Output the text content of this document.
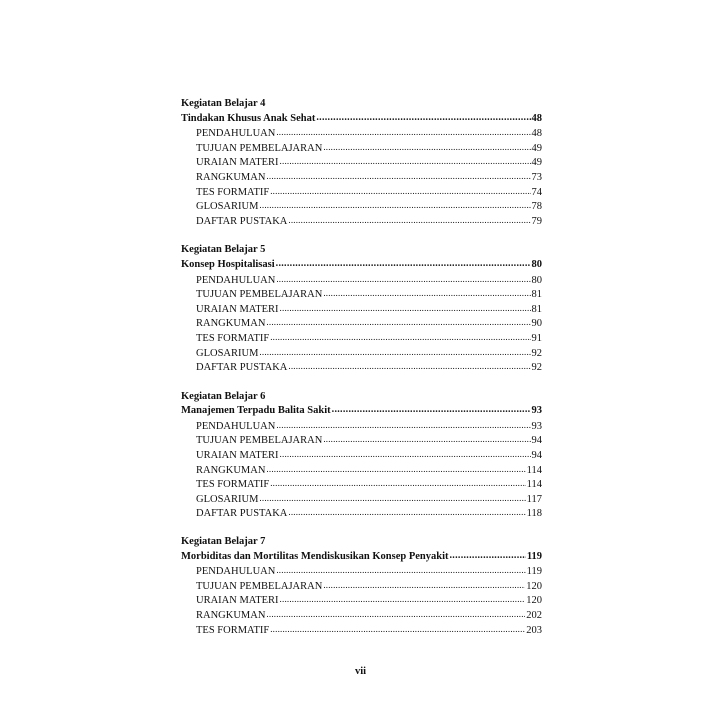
Kegiatan Belajar 4
Tindakan Khusus Anak Sehat .....	48
PENDAHULUAN .....	48
TUJUAN PEMBELAJARAN .....	49
URAIAN MATERI .....	49
RANGKUMAN .....	73
TES FORMATIF .....	74
GLOSARIUM .....	78
DAFTAR PUSTAKA .....	79
Kegiatan Belajar 5
Konsep Hospitalisasi .....	80
PENDAHULUAN .....	80
TUJUAN PEMBELAJARAN .....	81
URAIAN MATERI .....	81
RANGKUMAN .....	90
TES FORMATIF .....	91
GLOSARIUM .....	92
DAFTAR PUSTAKA .....	92
Kegiatan Belajar 6
Manajemen Terpadu Balita Sakit .....	93
PENDAHULUAN .....	93
TUJUAN PEMBELAJARAN .....	94
URAIAN MATERI .....	94
RANGKUMAN .....	114
TES FORMATIF .....	114
GLOSARIUM .....	117
DAFTAR PUSTAKA .....	118
Kegiatan Belajar 7
Morbiditas dan Mortilitas Mendiskusikan Konsep Penyakit .....	119
PENDAHULUAN .....	119
TUJUAN PEMBELAJARAN .....	120
URAIAN MATERI .....	120
RANGKUMAN .....	202
TES FORMATIF .....	203
vii
